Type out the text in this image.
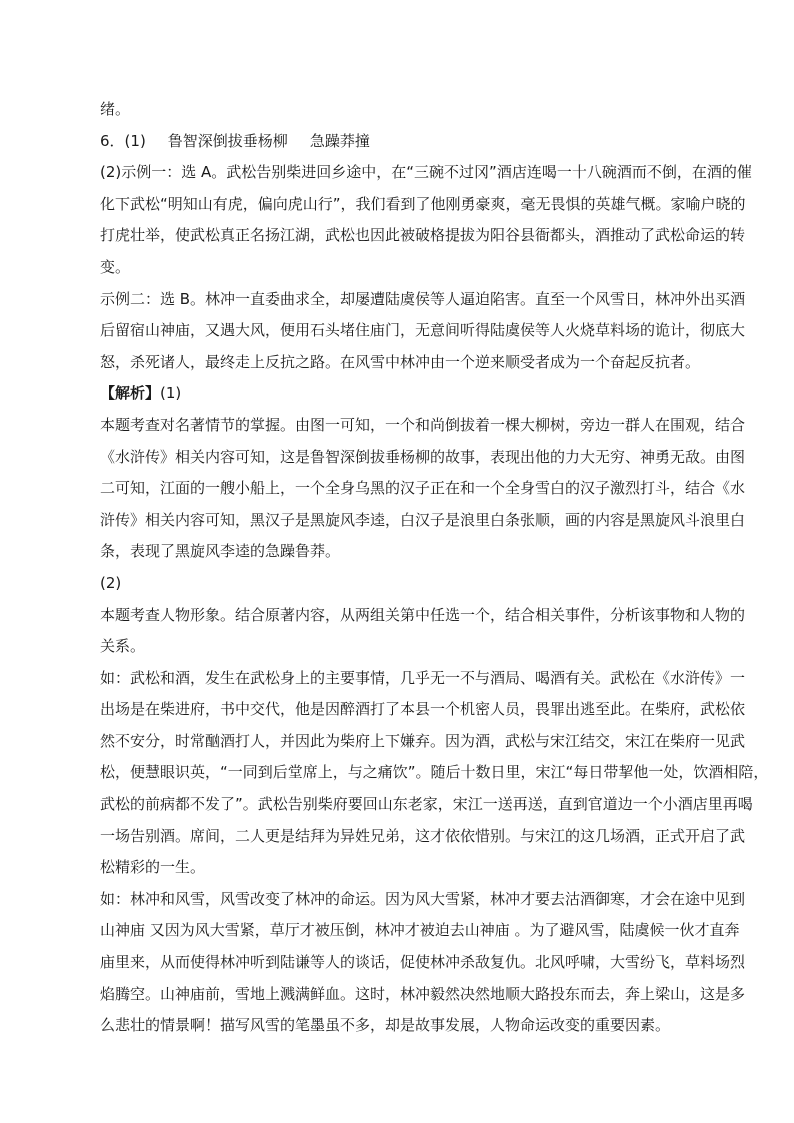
绪。
6．(1) 鲁智深倒拔垂杨柳 急躁莽撞
(2)示例一：选 A。武松告别柴进回乡途中，在“三碗不过冈”酒店连喝一十八碗酒而不倒，在酒的催
化下武松“明知山有虎，偏向虎山行”，我们看到了他刚勇豪爽，毫无畏惧的英雄气概。家喻户晓的
打虎壮举，使武松真正名扬江湖，武松也因此被破格提拔为阳谷县衙都头，酒推动了武松命运的转
变。
示例二：选 B。林冲一直委曲求全，却屡遭陆虞侯等人逼迫陷害。直至一个风雪日，林冲外出买酒
后留宿山神庙，又遇大风，便用石头堵住庙门，无意间听得陆虞侯等人火烧草料场的诡计，彻底大
怒，杀死诸人，最终走上反抗之路。在风雪中林冲由一个逆来顺受者成为一个奋起反抗者。
【解析】(1)
本题考查对名著情节的掌握。由图一可知，一个和尚倒拔着一棵大柳树，旁边一群人在围观，结合
《水浒传》相关内容可知，这是鲁智深倒拔垂杨柳的故事，表现出他的力大无穷、神勇无敌。由图
二可知，江面的一艘小船上，一个全身乌黑的汉子正在和一个全身雪白的汉子激烈打斗，结合《水
浒传》相关内容可知，黑汉子是黑旋风李逵，白汉子是浪里白条张顺，画的内容是黑旋风斗浪里白
条，表现了黑旋风李逵的急躁鲁莽。
(2)
本题考查人物形象。结合原著内容，从两组关第中任选一个，结合相关事件，分析该事物和人物的
关系。
如：武松和酒，发生在武松身上的主要事情，几乎无一不与酒局、喝酒有关。武松在《水浒传》一
出场是在柴进府，书中交代，他是因醉酒打了本县一个机密人员，畏罪出逃至此。在柴府，武松依
然不安分，时常酗酒打人，并因此为柴府上下嫌弃。因为酒，武松与宋江结交，宋江在柴府一见武
松，便慧眼识英，“一同到后堂席上，与之痛饮”。随后十数日里，宋江“每日带挈他一处，饮酒相陪，
武松的前病都不发了”。武松告别柴府要回山东老家，宋江一送再送，直到官道边一个小酒店里再喝
一场告别酒。席间，二人更是结拜为异姓兄弟，这才依依惜别。与宋江的这几场酒，正式开启了武
松精彩的一生。
如：林冲和风雪，风雪改变了林冲的命运。因为风大雪紧，林冲才要去沽酒御寒，才会在途中见到
山神庙 又因为风大雪紧，草厅才被压倒，林冲才被迫去山神庙 。为了避风雪，陆虞候一伙才直奔
庙里来，从而使得林冲听到陆谦等人的谈话，促使林冲杀敌复仇。北风呼啸，大雪纷飞，草料场烈
焰腾空。山神庙前，雪地上溅满鲜血。这时，林冲毅然决然地顺大路投东而去，奔上梁山，这是多
么悲壮的情景啊！描写风雪的笔墨虽不多，却是故事发展，人物命运改变的重要因素。
